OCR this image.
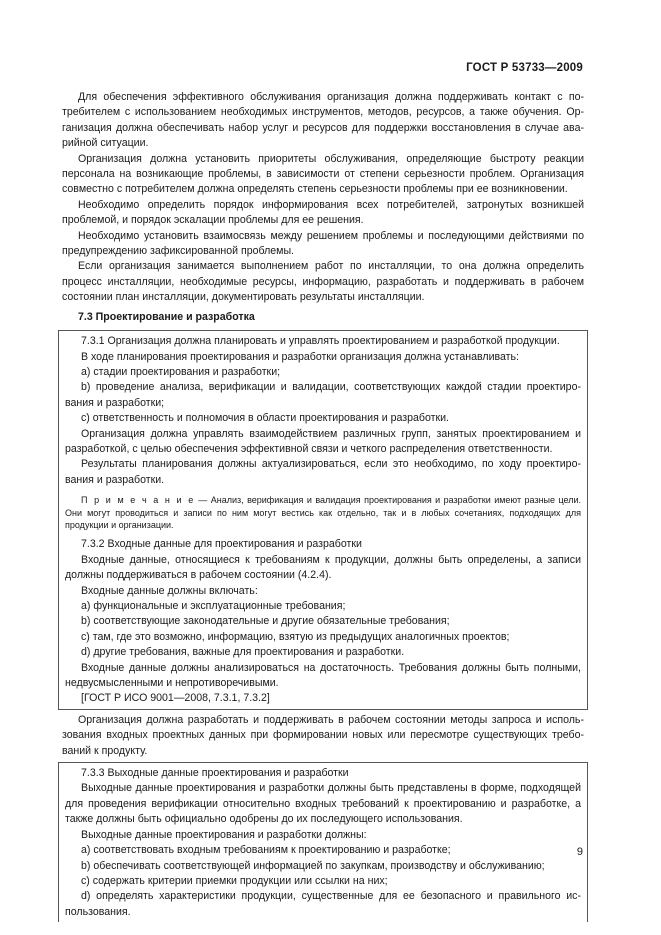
ГОСТ Р 53733—2009

Для обеспечения эффективного обслуживания организация должна поддерживать контакт с потребителем с использованием необходимых инструментов, методов, ресурсов, а также обучения. Организация должна обеспечивать набор услуг и ресурсов для поддержки восстановления в случае аварийной ситуации.

Организация должна установить приоритеты обслуживания, определяющие быстроту реакции персонала на возникающие проблемы, в зависимости от степени серьезности проблем. Организация совместно с потребителем должна определять степень серьезности проблемы при ее возникновении.

Необходимо определить порядок информирования всех потребителей, затронутых возникшей проблемой, и порядок эскалации проблемы для ее решения.

Необходимо установить взаимосвязь между решением проблемы и последующими действиями по предупреждению зафиксированной проблемы.

Если организация занимается выполнением работ по инсталляции, то она должна определить процесс инсталляции, необходимые ресурсы, информацию, разработать и поддерживать в рабочем состоянии план инсталляции, документировать результаты инсталляции.

7.3 Проектирование и разработка

7.3.1 Организация должна планировать и управлять проектированием и разработкой продукции.

В ходе планирования проектирования и разработки организация должна устанавливать:

a) стадии проектирования и разработки;

b) проведение анализа, верификации и валидации, соответствующих каждой стадии проектирования и разработки;

c) ответственность и полномочия в области проектирования и разработки.

Организация должна управлять взаимодействием различных групп, занятых проектированием и разработкой, с целью обеспечения эффективной связи и четкого распределения ответственности.

Результаты планирования должны актуализироваться, если это необходимо, по ходу проектирования и разработки.

П р и м е ч а н и е — Анализ, верификация и валидация проектирования и разработки имеют разные цели. Они могут проводиться и записи по ним могут вестись как отдельно, так и в любых сочетаниях, подходящих для продукции и организации.

7.3.2 Входные данные для проектирования и разработки

Входные данные, относящиеся к требованиям к продукции, должны быть определены, а записи должны поддерживаться в рабочем состоянии (4.2.4).

Входные данные должны включать:

a) функциональные и эксплуатационные требования;

b) соответствующие законодательные и другие обязательные требования;

c) там, где это возможно, информацию, взятую из предыдущих аналогичных проектов;

d) другие требования, важные для проектирования и разработки.

Входные данные должны анализироваться на достаточность. Требования должны быть полными, недвусмысленными и непротиворечивыми.

[ГОСТ Р ИСО 9001—2008, 7.3.1, 7.3.2]

Организация должна разработать и поддерживать в рабочем состоянии методы запроса и использования входных проектных данных при формировании новых или пересмотре существующих требований к продукту.

7.3.3 Выходные данные проектирования и разработки

Выходные данные проектирования и разработки должны быть представлены в форме, подходящей для проведения верификации относительно входных требований к проектированию и разработке, а также должны быть официально одобрены до их последующего использования.

Выходные данные проектирования и разработки должны:

a) соответствовать входным требованиям к проектированию и разработке;

b) обеспечивать соответствующей информацией по закупкам, производству и обслуживанию;

c) содержать критерии приемки продукции или ссылки на них;

d) определять характеристики продукции, существенные для ее безопасного и правильного использования.

9
